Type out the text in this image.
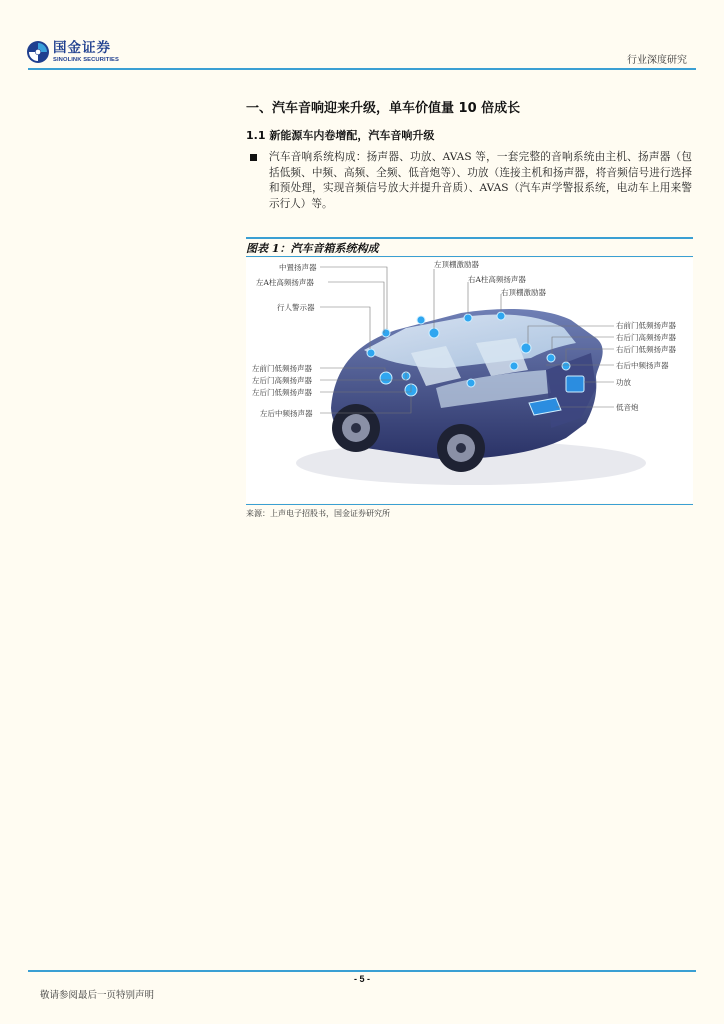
国金证券
SINOLINK SECURITIES	行业深度研究
一、汽车音响迎来升级，单车价值量 10 倍成长
1.1 新能源车内卷增配，汽车音响升级
汽车音响系统构成：扬声器、功放、AVAS 等，一套完整的音响系统由主机、扬声器（包括低频、中频、高频、全频、低音炮等）、功放（连接主机和扬声器，将音频信号进行选择和预处理，实现音频信号放大并提升音质）、AVAS（汽车声学警报系统，电动车上用来警示行人）等。
图表 1：汽车音箱系统构成
中置扬声器
左A柱高频扬声器
行人警示器
左前门低频扬声器
左后门高频扬声器
左后门低频扬声器
左后中频扬声器
左顶棚激励器
右A柱高频扬声器
右顶棚激励器
右前门低频扬声器
右后门高频扬声器
右后门低频扬声器
右后中频扬声器
功放
低音炮
来源：上声电子招股书，国金证券研究所
- 5 -
敬请参阅最后一页特别声明
